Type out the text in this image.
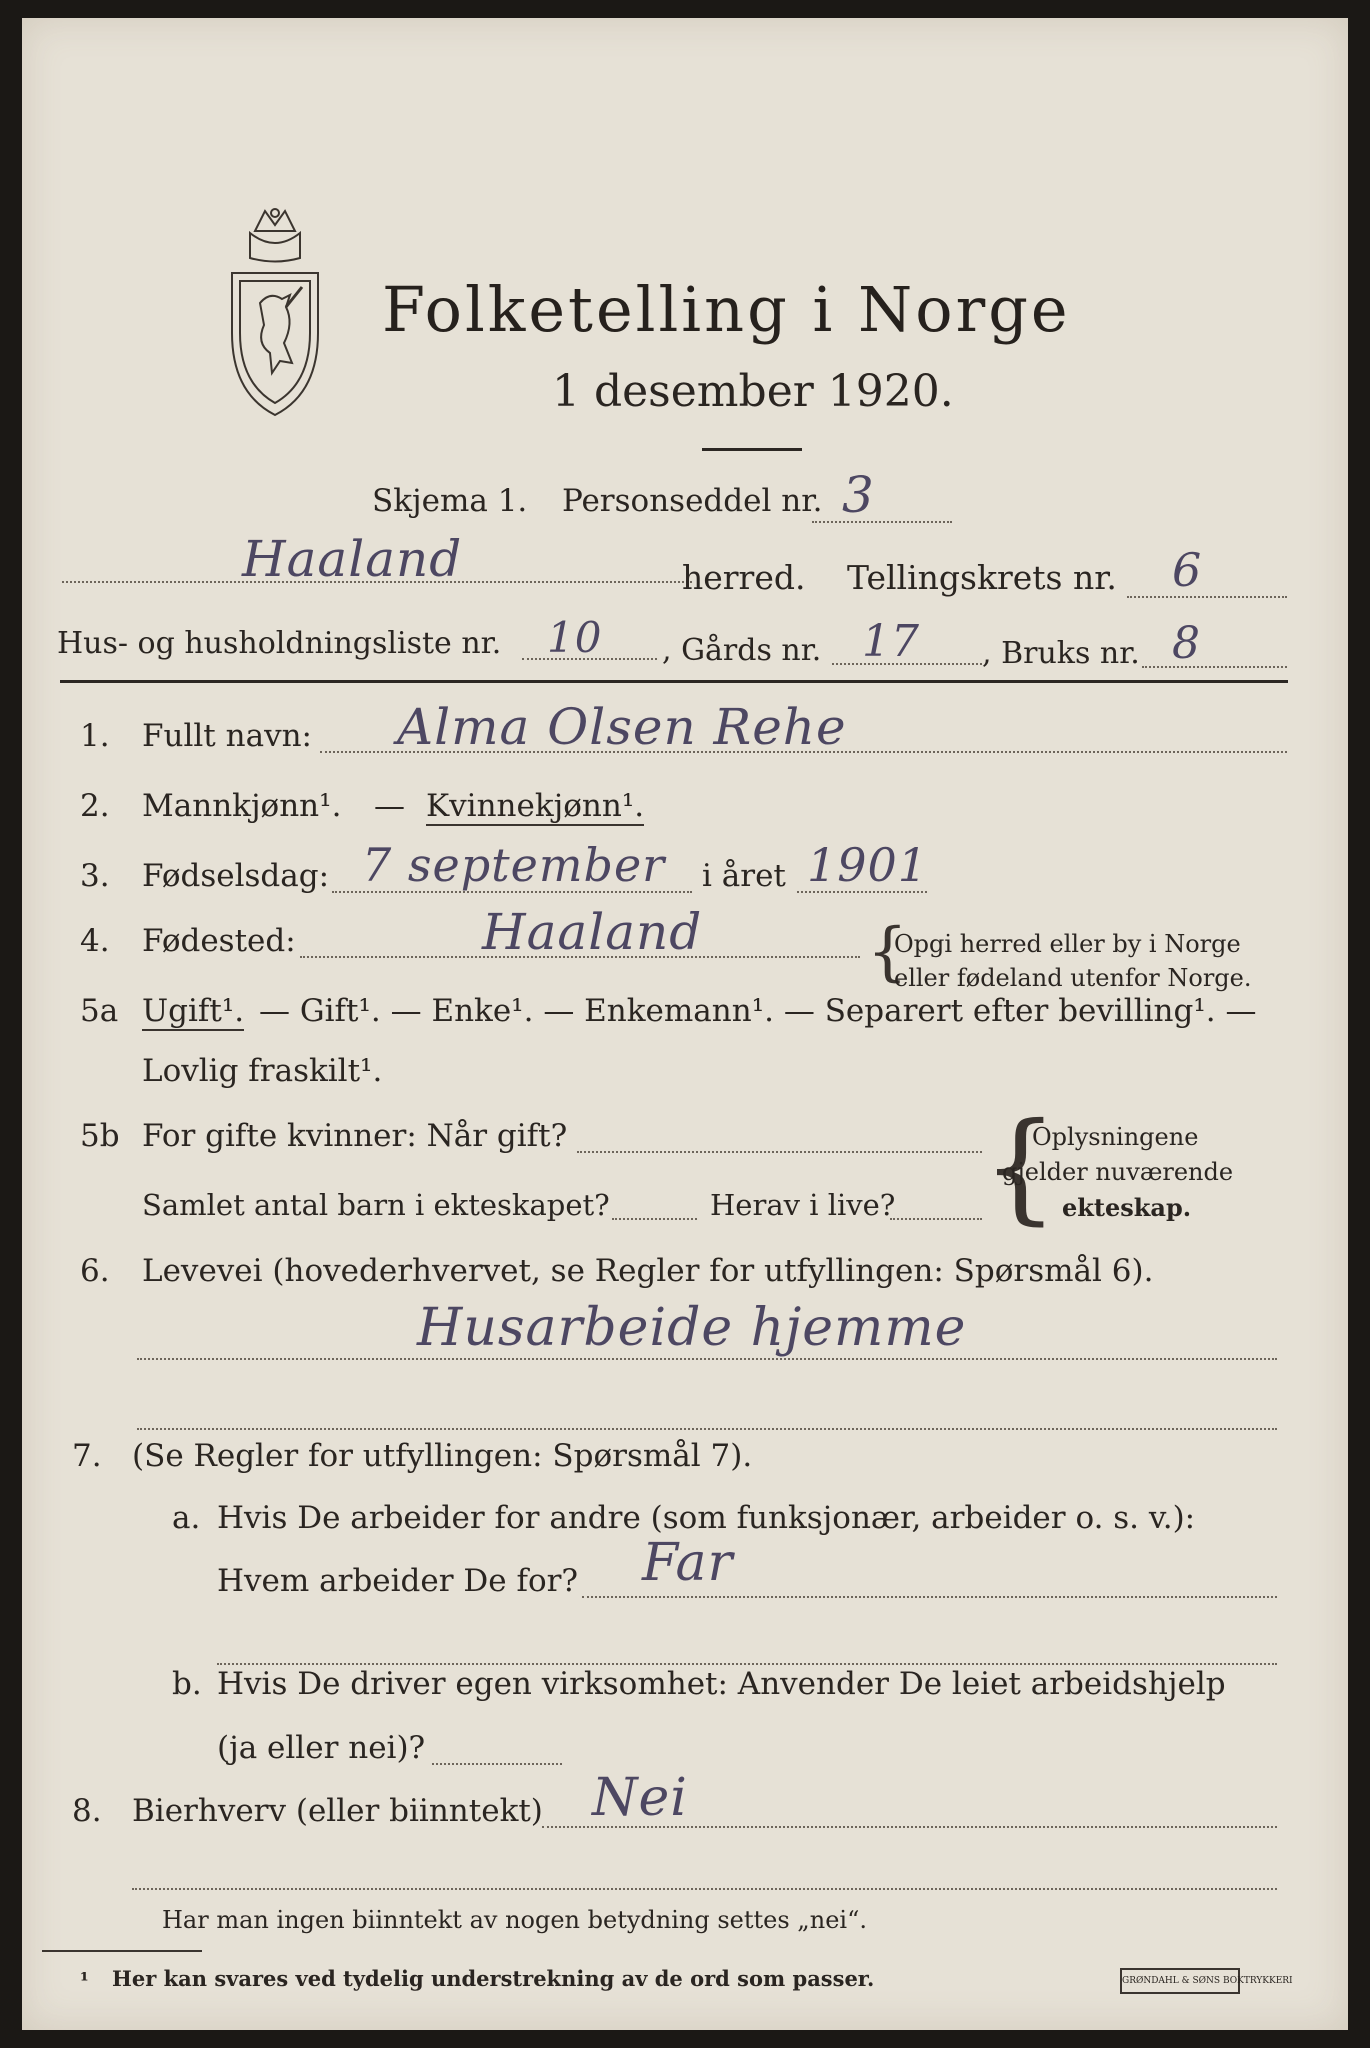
Folketelling i Norge
1 desember 1920.
Skjema 1. Personseddel nr. 3
Haaland	herred. Tellingskrets nr. 6
Hus- og husholdningsliste nr. 10 , Gårds nr. 17 , Bruks nr. 8
1. Fullt navn: Alma Olsen Rehe
2. Mannkjønn¹. — Kvinnekjønn¹.
3. Fødselsdag: 7 september i året 1901
4. Fødested:	Haaland	{
Opgi herred eller by i Norge
eller fødeland utenfor Norge.
5a Ugift¹. — Gift¹. — Enke¹. — Enkemann¹. — Separert efter bevilling¹. —
Lovlig fraskilt¹.
5b For gifte kvinner: Når gift?
Samlet antal barn i ekteskapet?	Herav i live? {
Oplysningene
gjelder nuværende
ekteskap.
6. Levevei (hovederhvervet, se Regler for utfyllingen: Spørsmål 6).
Husarbeide hjemme
7. (Se Regler for utfyllingen: Spørsmål 7).
a. Hvis De arbeider for andre (som funksjonær, arbeider o. s. v.):
Hvem arbeider De for? Far
b. Hvis De driver egen virksomhet: Anvender De leiet arbeidshjelp
(ja eller nei)?
8. Bierhverv (eller biinntekt) Nei
Har man ingen biinntekt av nogen betydning settes „nei“.
¹ Her kan svares ved tydelig understrekning av de ord som passer.	GRØNDAHL & SØNS BOKTRYKKERI
